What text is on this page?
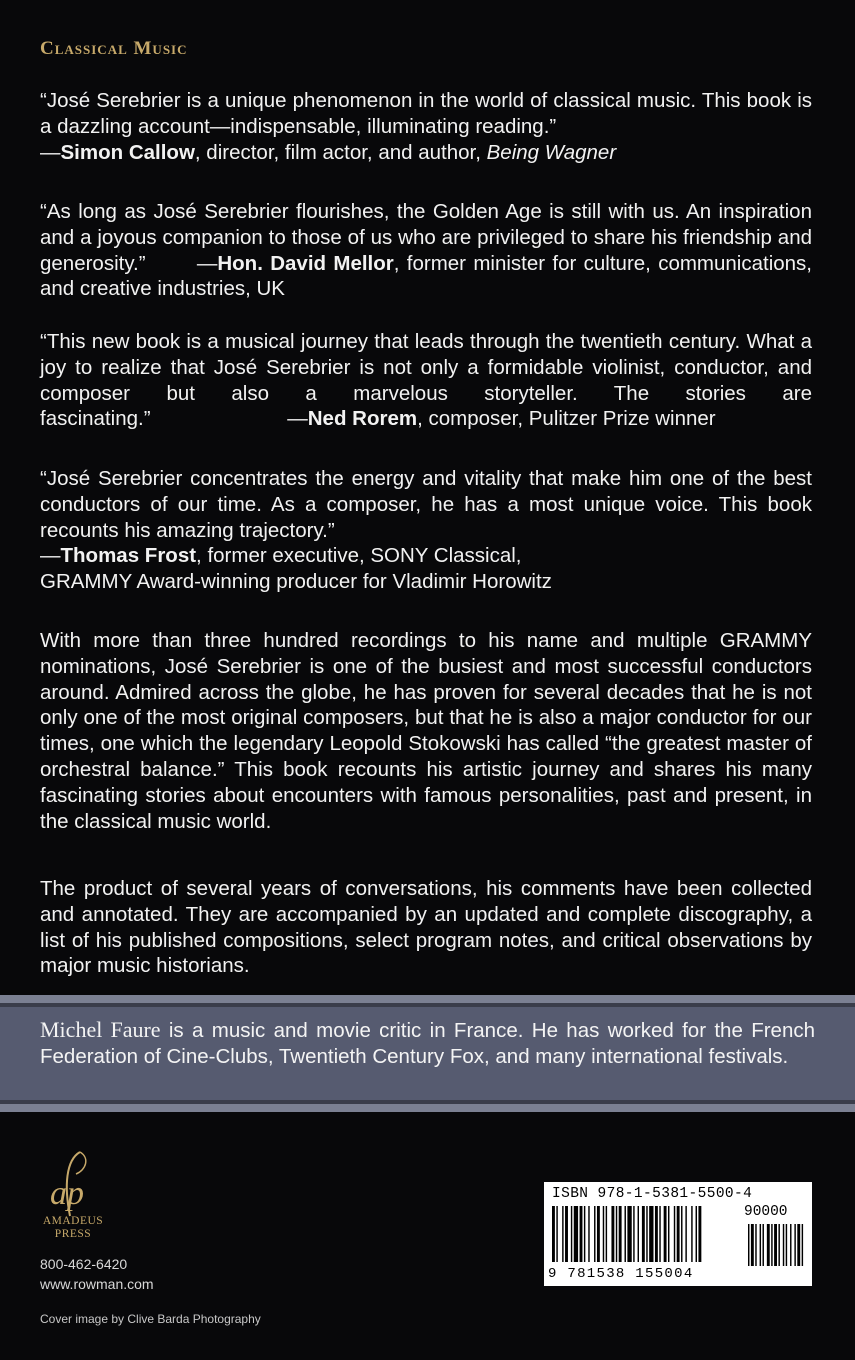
Classical Music

“José Serebrier is a unique phenomenon in the world of classical music. This book is a dazzling account—indispensable, illuminating reading.”

—Simon Callow, director, film actor, and author, Being Wagner

“As long as José Serebrier flourishes, the Golden Age is still with us. An inspiration and a joyous companion to those of us who are privileged to share his friendship and generosity.”	—Hon. David Mellor, former minister for culture, communications, and creative industries, UK

“This new book is a musical journey that leads through the twentieth century. What a joy to realize that José Serebrier is not only a formidable violinist, conductor, and composer but also a marvelous storyteller. The stories are fascinating.”	—Ned Rorem, composer, Pulitzer Prize winner

“José Serebrier concentrates the energy and vitality that make him one of the best conductors of our time. As a composer, he has a most unique voice. This book recounts his amazing trajectory.”

—Thomas Frost, former executive, SONY Classical,

GRAMMY Award-winning producer for Vladimir Horowitz

With more than three hundred recordings to his name and multiple GRAMMY nominations, José Serebrier is one of the busiest and most successful conductors around. Admired across the globe, he has proven for several decades that he is not only one of the most original composers, but that he is also a major conductor for our times, one which the legendary Leopold Stokowski has called “the greatest master of orchestral balance.” This book recounts his artistic journey and shares his many fascinating stories about encounters with famous personalities, past and present, in the classical music world.
The product of several years of conversations, his comments have been collected and annotated. They are accompanied by an updated and complete discography, a list of his published compositions, select program notes, and critical observations by major music historians.
Michel Faure is a music and movie critic in France. He has worked for the French Federation of Cine-Clubs, Twentieth Century Fox, and many international festivals.
ap
AMADEUS
PRESS
800-462-6420
www.rowman.com
Cover image by Clive Barda Photography
ISBN 978-1-5381-5500-4
90000
9 781538 155004
